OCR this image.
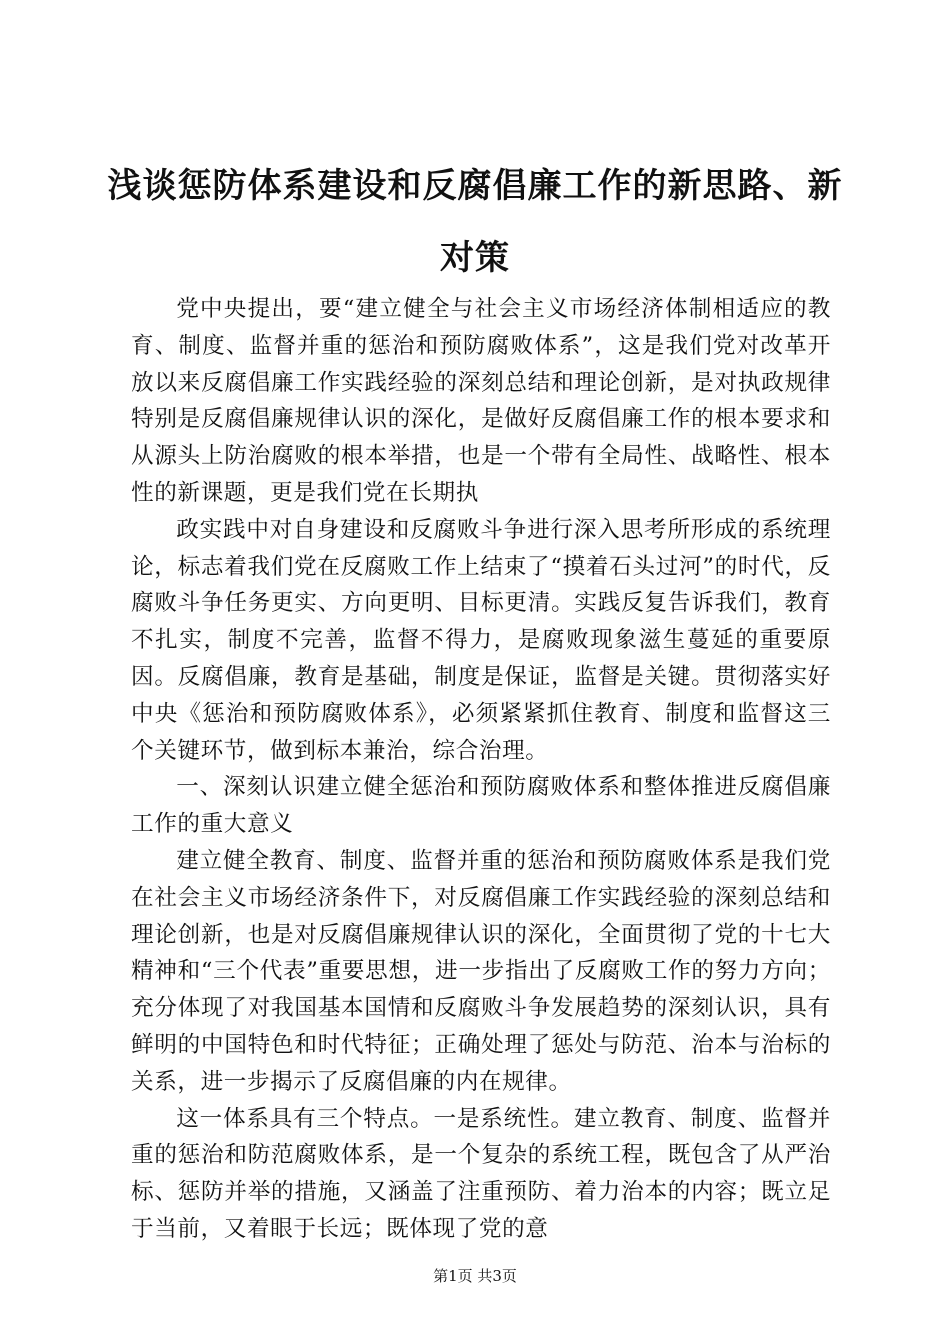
浅谈惩防体系建设和反腐倡廉工作的新思路、新对策

党中央提出，要“建立健全与社会主义市场经济体制相适应的教育、制度、监督并重的惩治和预防腐败体系”，这是我们党对改革开放以来反腐倡廉工作实践经验的深刻总结和理论创新，是对执政规律特别是反腐倡廉规律认识的深化，是做好反腐倡廉工作的根本要求和从源头上防治腐败的根本举措，也是一个带有全局性、战略性、根本性的新课题，更是我们党在长期执

政实践中对自身建设和反腐败斗争进行深入思考所形成的系统理论，标志着我们党在反腐败工作上结束了“摸着石头过河”的时代，反腐败斗争任务更实、方向更明、目标更清。实践反复告诉我们，教育不扎实，制度不完善，监督不得力，是腐败现象滋生蔓延的重要原因。反腐倡廉，教育是基础，制度是保证，监督是关键。贯彻落实好中央《惩治和预防腐败体系》，必须紧紧抓住教育、制度和监督这三个关键环节，做到标本兼治，综合治理。

一、深刻认识建立健全惩治和预防腐败体系和整体推进反腐倡廉工作的重大意义

建立健全教育、制度、监督并重的惩治和预防腐败体系是我们党在社会主义市场经济条件下，对反腐倡廉工作实践经验的深刻总结和理论创新，也是对反腐倡廉规律认识的深化，全面贯彻了党的十七大精神和“三个代表”重要思想，进一步指出了反腐败工作的努力方向；充分体现了对我国基本国情和反腐败斗争发展趋势的深刻认识，具有鲜明的中国特色和时代特征；正确处理了惩处与防范、治本与治标的关系，进一步揭示了反腐倡廉的内在规律。

这一体系具有三个特点。一是系统性。建立教育、制度、监督并重的惩治和防范腐败体系，是一个复杂的系统工程，既包含了从严治标、惩防并举的措施，又涵盖了注重预防、着力治本的内容；既立足于当前，又着眼于长远；既体现了党的意

第1页 共3页
